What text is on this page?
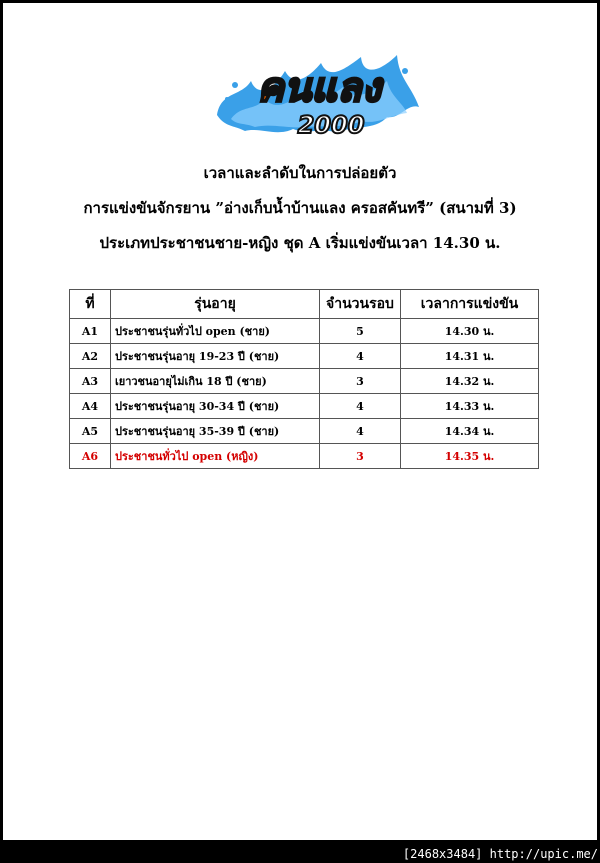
คนแลง
2000
เวลาและลำดับในการปล่อยตัว
การแข่งขันจักรยาน ”อ่างเก็บน้ำบ้านแลง ครอสคันทรี” (สนามที่ 3)
ประเภทประชาชนชาย-หญิง ชุด A เริ่มแข่งขันเวลา 14.30 น.
ที่	รุ่นอายุ	จำนวนรอบ	เวลาการแข่งขัน
A1	ประชาชนรุ่นทั่วไป open (ชาย)	5	14.30 น.
A2	ประชาชนรุ่นอายุ 19-23 ปี (ชาย)	4	14.31 น.
A3	เยาวชนอายุไม่เกิน 18 ปี (ชาย)	3	14.32 น.
A4	ประชาชนรุ่นอายุ 30-34 ปี (ชาย)	4	14.33 น.
A5	ประชาชนรุ่นอายุ 35-39 ปี (ชาย)	4	14.34 น.
A6	ประชาชนทั่วไป open (หญิง)	3	14.35 น.
[2468x3484] http://upic.me/
